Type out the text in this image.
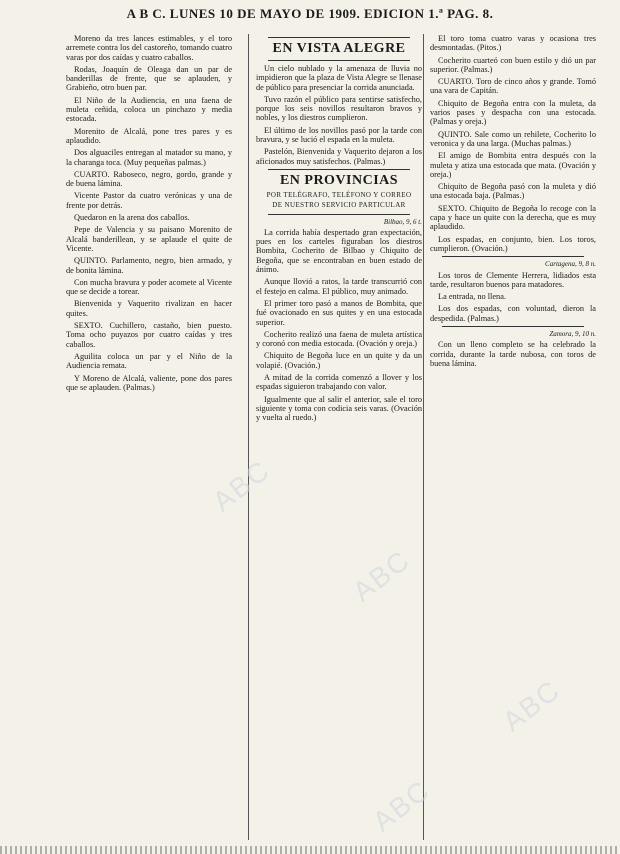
A B C. LUNES 10 DE MAYO DE 1909. EDICION 1.ª PAG. 8.

Moreno da tres lances estimables, y el toro arremete contra los del castoreño, tomando cuatro varas por dos caídas y cuatro caballos.

Rodas, Joaquín de Oleaga dan un par de banderillas de frente, que se aplauden, y Grabieño, otro buen par.

El Niño de la Audiencia, en una faena de muleta ceñida, coloca un pinchazo y media estocada.

Morenito de Alcalá, pone tres pares y es aplaudido.

Dos alguaciles entregan al matador su mano, y la charanga toca. (Muy pequeñas palmas.)

CUARTO. Raboseco, negro, gordo, grande y de buena lámina.

Vicente Pastor da cuatro verónicas y una de frente por detrás.

Quedaron en la arena dos caballos.

Pepe de Valencia y su paisano Morenito de Alcalá banderillean, y se aplaude el quite de Vicente.

QUINTO. Parlamento, negro, bien armado, y de bonita lámina.

Con mucha bravura y poder acomete al Vicente que se decide a torear.

Bienvenida y Vaquerito rivalizan en hacer quites.

SEXTO. Cuchillero, castaño, bien puesto. Toma ocho puyazos por cuatro caídas y tres caballos.

Aguilita coloca un par y el Niño de la Audiencia remata.

Y Moreno de Alcalá, valiente, pone dos pares que se aplauden. (Palmas.)

EN VISTA ALEGRE

Un cielo nublado y la amenaza de lluvia no impidieron que la plaza de Vista Alegre se llenase de público para presenciar la corrida anunciada.

Tuvo razón el público para sentirse satisfecho, porque los seis novillos resultaron bravos y nobles, y los diestros cumplieron.

El último de los novillos pasó por la tarde con bravura, y se lució el espada en la muleta.

Pastelón, Bienvenida y Vaquerito dejaron a los aficionados muy satisfechos. (Palmas.)

EN PROVINCIAS
POR TELÉGRAFO, TELÉFONO Y CORREO
DE NUESTRO SERVICIO PARTICULAR
Bilbao, 9, 6 t.

La corrida había despertado gran expectación, pues en los carteles figuraban los diestros Bombita, Cocherito de Bilbao y Chiquito de Begoña, que se encontraban en buen estado de ánimo.

Aunque llovió a ratos, la tarde transcurrió con el festejo en calma. El público, muy animado.

El primer toro pasó a manos de Bombita, que fué ovacionado en sus quites y en una estocada superior.

Cocherito realizó una faena de muleta artística y coronó con media estocada. (Ovación y oreja.)

Chiquito de Begoña luce en un quite y da un volapié. (Ovación.)

A mitad de la corrida comenzó a llover y los espadas siguieron trabajando con valor.

Igualmente que al salir el anterior, sale el toro siguiente y toma con codicia seis varas. (Ovación y vuelta al ruedo.)

El toro toma cuatro varas y ocasiona tres desmontadas. (Pitos.)

Cocherito cuarteó con buen estilo y dió un par superior. (Palmas.)

CUARTO. Toro de cinco años y grande. Tomó una vara de Capitán.

Chiquito de Begoña entra con la muleta, da varios pases y despacha con una estocada. (Palmas y oreja.)

QUINTO. Sale como un rehilete, Cocherito lo veronica y da una larga. (Muchas palmas.)

El amigo de Bombita entra después con la muleta y atiza una estocada que mata. (Ovación y oreja.)

Chiquito de Begoña pasó con la muleta y dió una estocada baja. (Palmas.)

SEXTO. Chiquito de Begoña lo recoge con la capa y hace un quite con la derecha, que es muy aplaudido.

Los espadas, en conjunto, bien. Los toros, cumplieron. (Ovación.)

Cartagena, 9, 8 n.

Los toros de Clemente Herrera, lidiados esta tarde, resultaron buenos para matadores.

La entrada, no llena.

Los dos espadas, con voluntad, dieron la despedida. (Palmas.)

Zamora, 9, 10 n.

Con un lleno completo se ha celebrado la corrida, durante la tarde nubosa, con toros de buena lámina.

ABC
ABC
ABC
ABC
